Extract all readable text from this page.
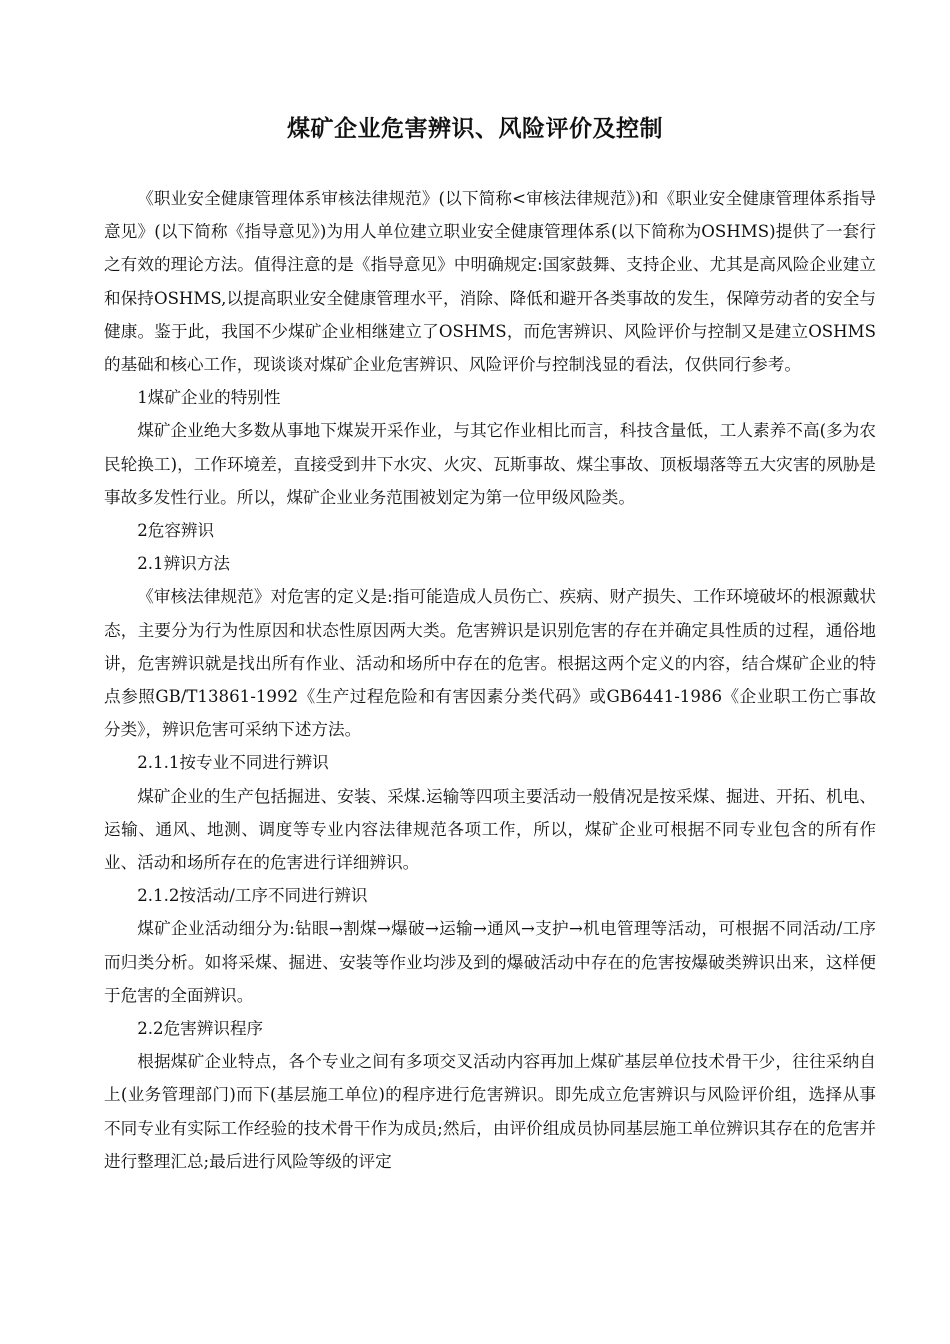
煤矿企业危害辨识、风险评价及控制

《职业安全健康管理体系审核法律规范》(以下简称<审核法律规范》)和《职业安全健康管理体系指导意见》(以下简称《指导意见》)为用人单位建立职业安全健康管理体系(以下简称为OSHMS)提供了一套行之有效的理论方法。值得注意的是《指导意见》中明确规定:国家鼓舞、支持企业、尤其是高风险企业建立和保持OSHMS,以提高职业安全健康管理水平，消除、降低和避开各类事故的发生，保障劳动者的安全与健康。鉴于此，我国不少煤矿企业相继建立了OSHMS，而危害辨识、风险评价与控制又是建立OSHMS的基础和核心工作，现谈谈对煤矿企业危害辨识、风险评价与控制浅显的看法，仅供同行参考。

1煤矿企业的特别性

煤矿企业绝大多数从事地下煤炭开采作业，与其它作业相比而言，科技含量低，工人素养不高(多为农民轮换工)，工作环境差，直接受到井下水灾、火灾、瓦斯事故、煤尘事故、顶板塌落等五大灾害的夙胁是事故多发性行业。所以，煤矿企业业务范围被划定为第一位甲级风险类。

2危容辨识

2.1辨识方法

《审核法律规范》对危害的定义是:指可能造成人员伤亡、疾病、财产损失、工作环境破坏的根源戴状态，主要分为行为性原因和状态性原因两大类。危害辨识是识别危害的存在并确定具性质的过程，通俗地讲，危害辨识就是找出所有作业、活动和场所中存在的危害。根据这两个定义的内容，结合煤矿企业的特点参照GB/T13861-1992《生产过程危险和有害因素分类代码》或GB6441-1986《企业职工伤亡事故分类》，辨识危害可采纳下述方法。

2.1.1按专业不同进行辨识

煤矿企业的生产包括掘进、安装、采煤.运输等四项主要活动一般倩况是按采煤、掘进、开拓、机电、运输、通风、地测、调度等专业内容法律规范各项工作，所以，煤矿企业可根据不同专业包含的所有作业、活动和场所存在的危害进行详细辨识。

2.1.2按活动/工序不同进行辨识

煤矿企业活动细分为:钻眼→割煤→爆破→运输→通风→支护→机电管理等活动，可根据不同活动/工序而归类分析。如将采煤、掘进、安装等作业均涉及到的爆破活动中存在的危害按爆破类辨识出来，这样便于危害的全面辨识。

2.2危害辨识程序

根据煤矿企业特点，各个专业之间有多项交叉活动内容再加上煤矿基层单位技术骨干少，往往采纳自上(业务管理部门)而下(基层施工单位)的程序进行危害辨识。即先成立危害辨识与风险评价组，选择从事不同专业有实际工作经验的技术骨干作为成员;然后，由评价组成员协同基层施工单位辨识其存在的危害并进行整理汇总;最后进行风险等级的评定
